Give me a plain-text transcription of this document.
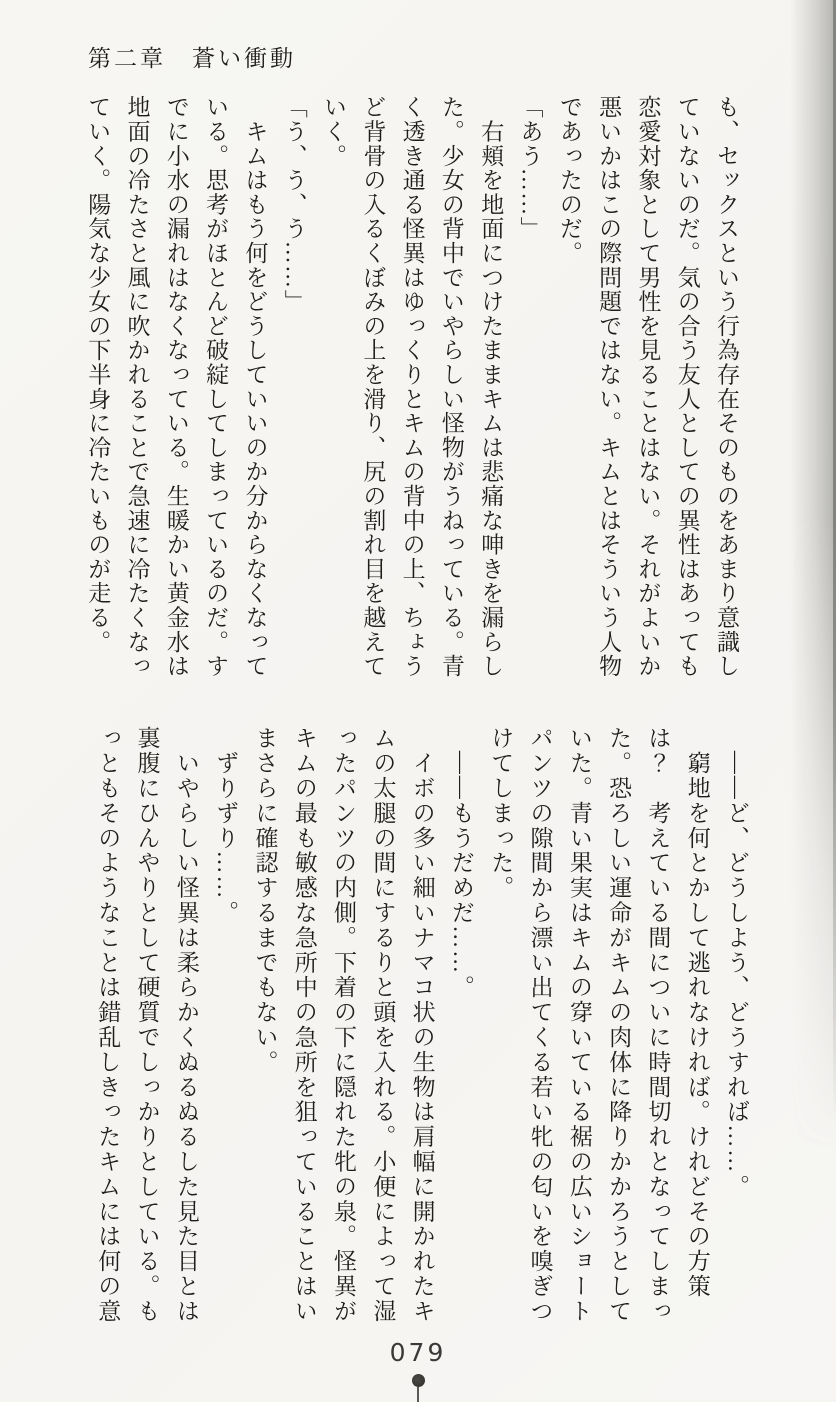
第二章　蒼い衝動
も、セックスという行為存在そのものをあまり意識し
ていないのだ。気の合う友人としての異性はあっても
恋愛対象として男性を見ることはない。それがよいか
悪いかはこの際問題ではない。キムとはそういう人物
であったのだ。
「あう……」
　右頬を地面につけたままキムは悲痛な呻きを漏らし
た。少女の背中でいやらしい怪物がうねっている。青
く透き通る怪異はゆっくりとキムの背中の上、ちょう
ど背骨の入るくぼみの上を滑り、尻の割れ目を越えて
いく。
「う、う、う……」
　キムはもう何をどうしていいのか分からなくなって
いる。思考がほとんど破綻してしまっているのだ。す
でに小水の漏れはなくなっている。生暖かい黄金水は
地面の冷たさと風に吹かれることで急速に冷たくなっ
ていく。陽気な少女の下半身に冷たいものが走る。
　――ど、どうしよう、どうすれば……。
　窮地を何とかして逃れなければ。けれどその方策
は？　考えている間についに時間切れとなってしまっ
た。恐ろしい運命がキムの肉体に降りかかろうとして
いた。青い果実はキムの穿いている裾の広いショート
パンツの隙間から漂い出てくる若い牝の匂いを嗅ぎつ
けてしまった。
　――もうだめだ……。
　イボの多い細いナマコ状の生物は肩幅に開かれたキ
ムの太腿の間にするりと頭を入れる。小便によって湿
ったパンツの内側。下着の下に隠れた牝の泉。怪異が
キムの最も敏感な急所中の急所を狙っていることはい
まさらに確認するまでもない。
　ずりずり……。
　いやらしい怪異は柔らかくぬるぬるした見た目とは
裏腹にひんやりとして硬質でしっかりとしている。も
っともそのようなことは錯乱しきったキムには何の意
079
